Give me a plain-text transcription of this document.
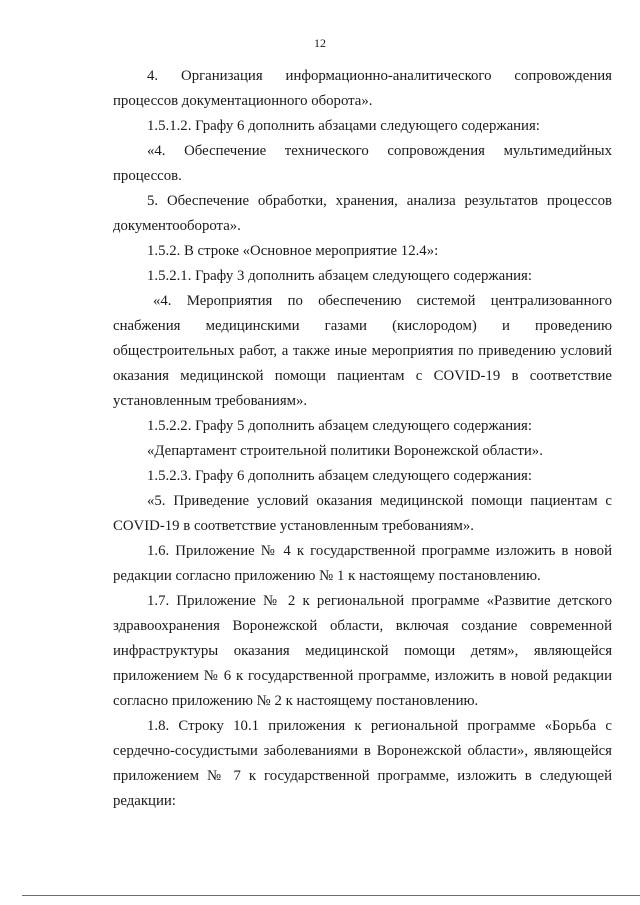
12

4. Организация информационно-аналитического сопровождения процессов документационного оборота».

1.5.1.2. Графу 6 дополнить абзацами следующего содержания:

«4. Обеспечение технического сопровождения мультимедийных процессов.

5. Обеспечение обработки, хранения, анализа результатов процессов документооборота».

1.5.2. В строке «Основное мероприятие 12.4»:

1.5.2.1. Графу 3 дополнить абзацем следующего содержания:

«4. Мероприятия по обеспечению системой централизованного снабжения медицинскими газами (кислородом) и проведению общестроительных работ, а также иные мероприятия по приведению условий оказания медицинской помощи пациентам с COVID-19 в соответствие установленным требованиям».

1.5.2.2. Графу 5 дополнить абзацем следующего содержания:

«Департамент строительной политики Воронежской области».

1.5.2.3. Графу 6 дополнить абзацем следующего содержания:

«5. Приведение условий оказания медицинской помощи пациентам с COVID-19 в соответствие установленным требованиям».

1.6. Приложение № 4 к государственной программе изложить в новой редакции согласно приложению № 1 к настоящему постановлению.

1.7. Приложение № 2 к региональной программе «Развитие детского здравоохранения Воронежской области, включая создание современной инфраструктуры оказания медицинской помощи детям», являющейся приложением № 6 к государственной программе, изложить в новой редакции согласно приложению № 2 к настоящему постановлению.

1.8. Строку 10.1 приложения к региональной программе «Борьба с сердечно-сосудистыми заболеваниями в Воронежской области», являющейся приложением № 7 к государственной программе, изложить в следующей редакции:
